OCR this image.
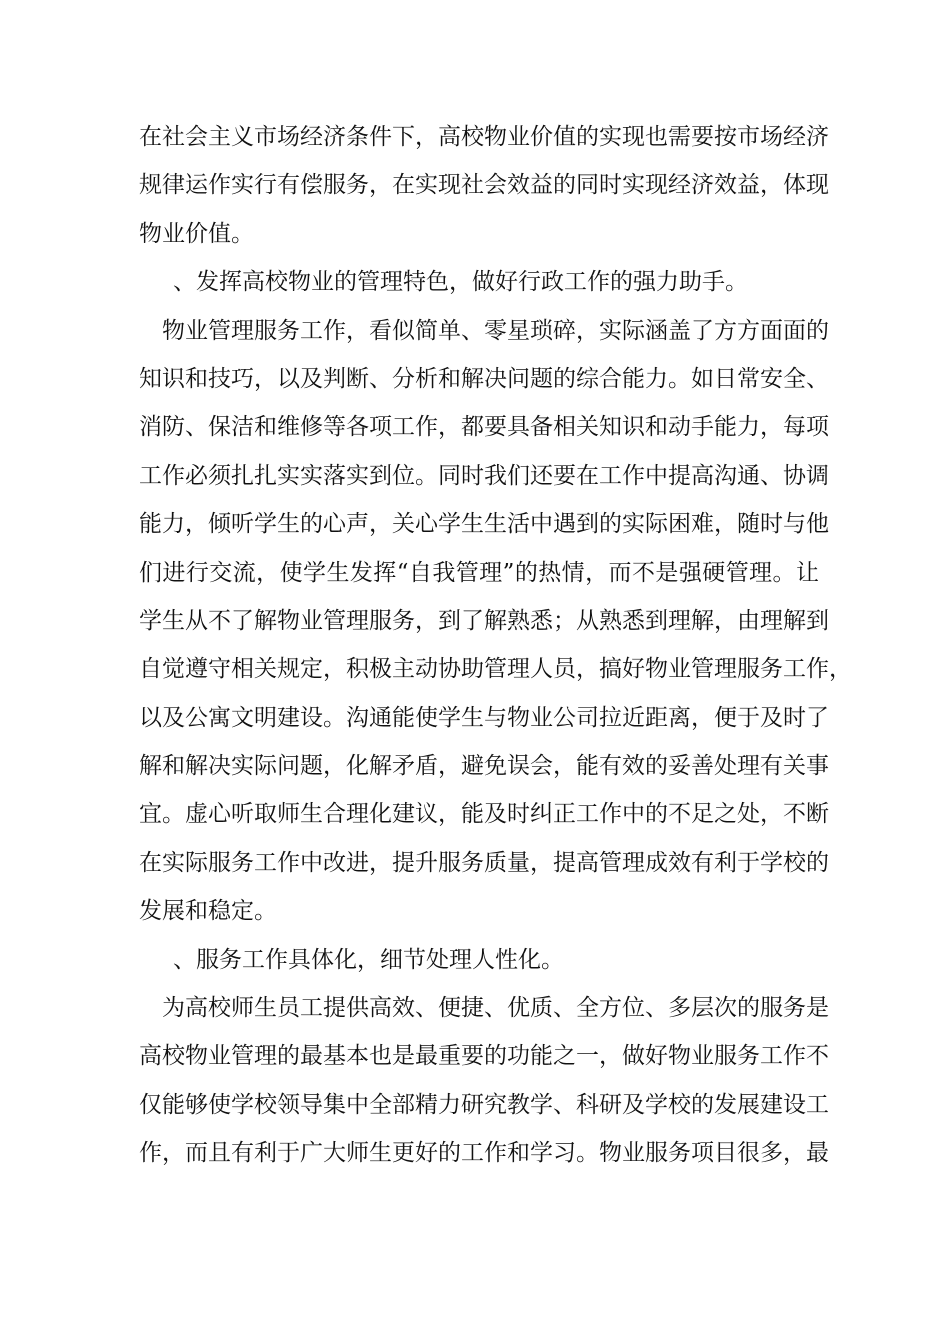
在社会主义市场经济条件下，高校物业价值的实现也需要按市场经济
规律运作实行有偿服务，在实现社会效益的同时实现经济效益，体现
物业价值。
、发挥高校物业的管理特色，做好行政工作的强力助手。
物业管理服务工作，看似简单、零星琐碎，实际涵盖了方方面面的
知识和技巧，以及判断、分析和解决问题的综合能力。如日常安全、
消防、保洁和维修等各项工作，都要具备相关知识和动手能力，每项
工作必须扎扎实实落实到位。同时我们还要在工作中提高沟通、协调
能力，倾听学生的心声，关心学生生活中遇到的实际困难，随时与他
们进行交流，使学生发挥“自我管理”的热情，而不是强硬管理。让
学生从不了解物业管理服务，到了解熟悉；从熟悉到理解，由理解到
自觉遵守相关规定，积极主动协助管理人员，搞好物业管理服务工作，
以及公寓文明建设。沟通能使学生与物业公司拉近距离，便于及时了
解和解决实际问题，化解矛盾，避免误会，能有效的妥善处理有关事
宜。虚心听取师生合理化建议，能及时纠正工作中的不足之处，不断
在实际服务工作中改进，提升服务质量，提高管理成效有利于学校的
发展和稳定。
、服务工作具体化，细节处理人性化。
为高校师生员工提供高效、便捷、优质、全方位、多层次的服务是
高校物业管理的最基本也是最重要的功能之一，做好物业服务工作不
仅能够使学校领导集中全部精力研究教学、科研及学校的发展建设工
作，而且有利于广大师生更好的工作和学习。物业服务项目很多，最
